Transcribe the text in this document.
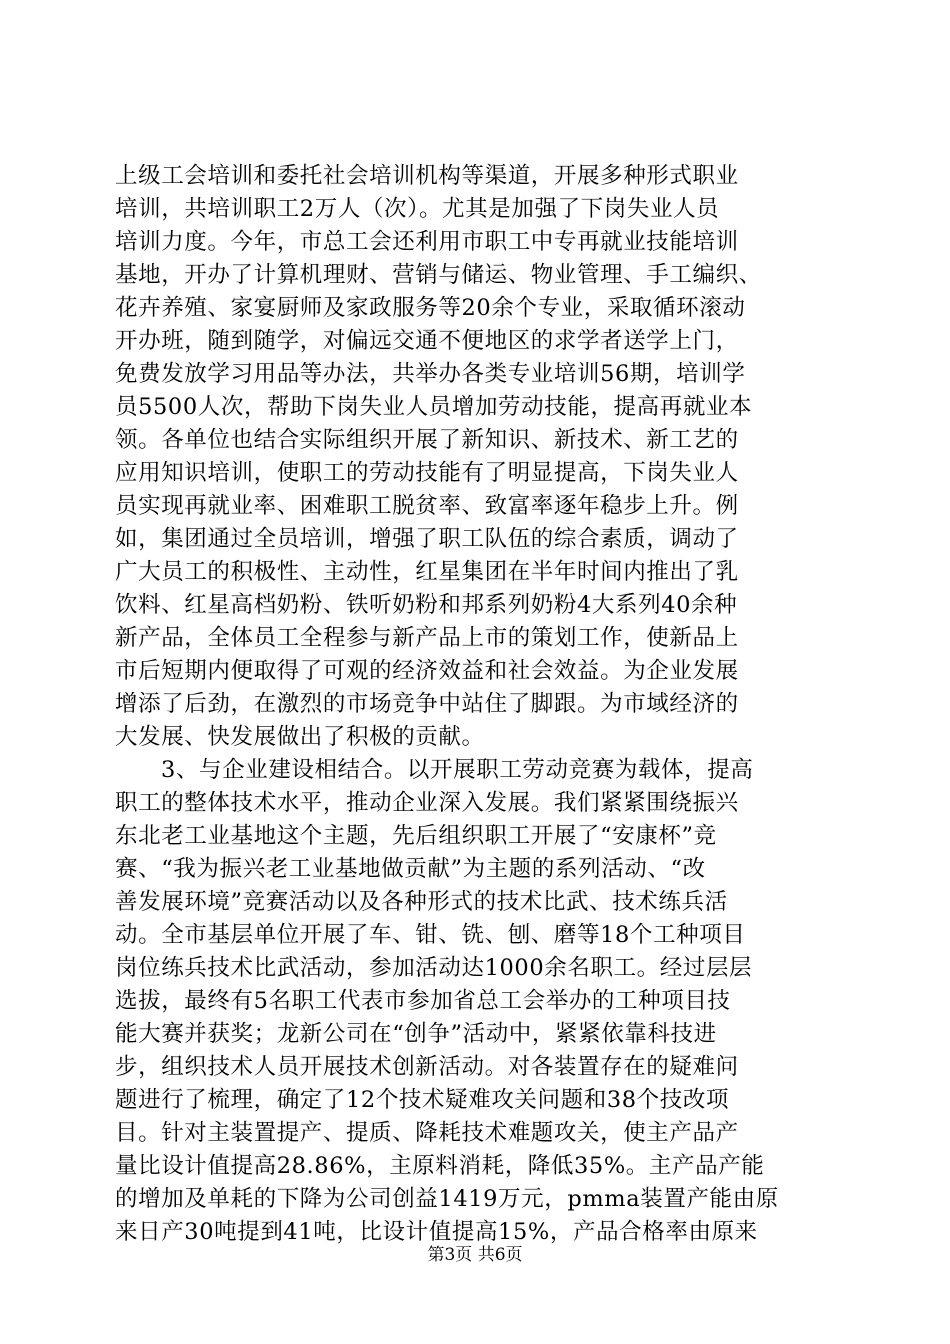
上级工会培训和委托社会培训机构等渠道，开展多种形式职业
培训，共培训职工2万人（次）。尤其是加强了下岗失业人员
培训力度。今年，市总工会还利用市职工中专再就业技能培训
基地，开办了计算机理财、营销与储运、物业管理、手工编织、
花卉养殖、家宴厨师及家政服务等20余个专业，采取循环滚动
开办班，随到随学，对偏远交通不便地区的求学者送学上门，
免费发放学习用品等办法，共举办各类专业培训56期，培训学
员5500人次，帮助下岗失业人员增加劳动技能，提高再就业本
领。各单位也结合实际组织开展了新知识、新技术、新工艺的
应用知识培训，使职工的劳动技能有了明显提高，下岗失业人
员实现再就业率、困难职工脱贫率、致富率逐年稳步上升。例
如，集团通过全员培训，增强了职工队伍的综合素质，调动了
广大员工的积极性、主动性，红星集团在半年时间内推出了乳
饮料、红星高档奶粉、铁听奶粉和邦系列奶粉4大系列40余种
新产品，全体员工全程参与新产品上市的策划工作，使新品上
市后短期内便取得了可观的经济效益和社会效益。为企业发展
增添了后劲，在激烈的市场竞争中站住了脚跟。为市域经济的
大发展、快发展做出了积极的贡献。
3、与企业建设相结合。以开展职工劳动竞赛为载体，提高
职工的整体技术水平，推动企业深入发展。我们紧紧围绕振兴
东北老工业基地这个主题，先后组织职工开展了“安康杯”竞
赛、“我为振兴老工业基地做贡献”为主题的系列活动、“改
善发展环境”竞赛活动以及各种形式的技术比武、技术练兵活
动。全市基层单位开展了车、钳、铣、刨、磨等18个工种项目
岗位练兵技术比武活动，参加活动达1000余名职工。经过层层
选拔，最终有5名职工代表市参加省总工会举办的工种项目技
能大赛并获奖；龙新公司在“创争”活动中，紧紧依靠科技进
步，组织技术人员开展技术创新活动。对各装置存在的疑难问
题进行了梳理，确定了12个技术疑难攻关问题和38个技改项
目。针对主装置提产、提质、降耗技术难题攻关，使主产品产
量比设计值提高28.86%，主原料消耗，降低35%。主产品产能
的增加及单耗的下降为公司创益1419万元，pmma装置产能由原
来日产30吨提到41吨，比设计值提高15%，产品合格率由原来
第3页 共6页
